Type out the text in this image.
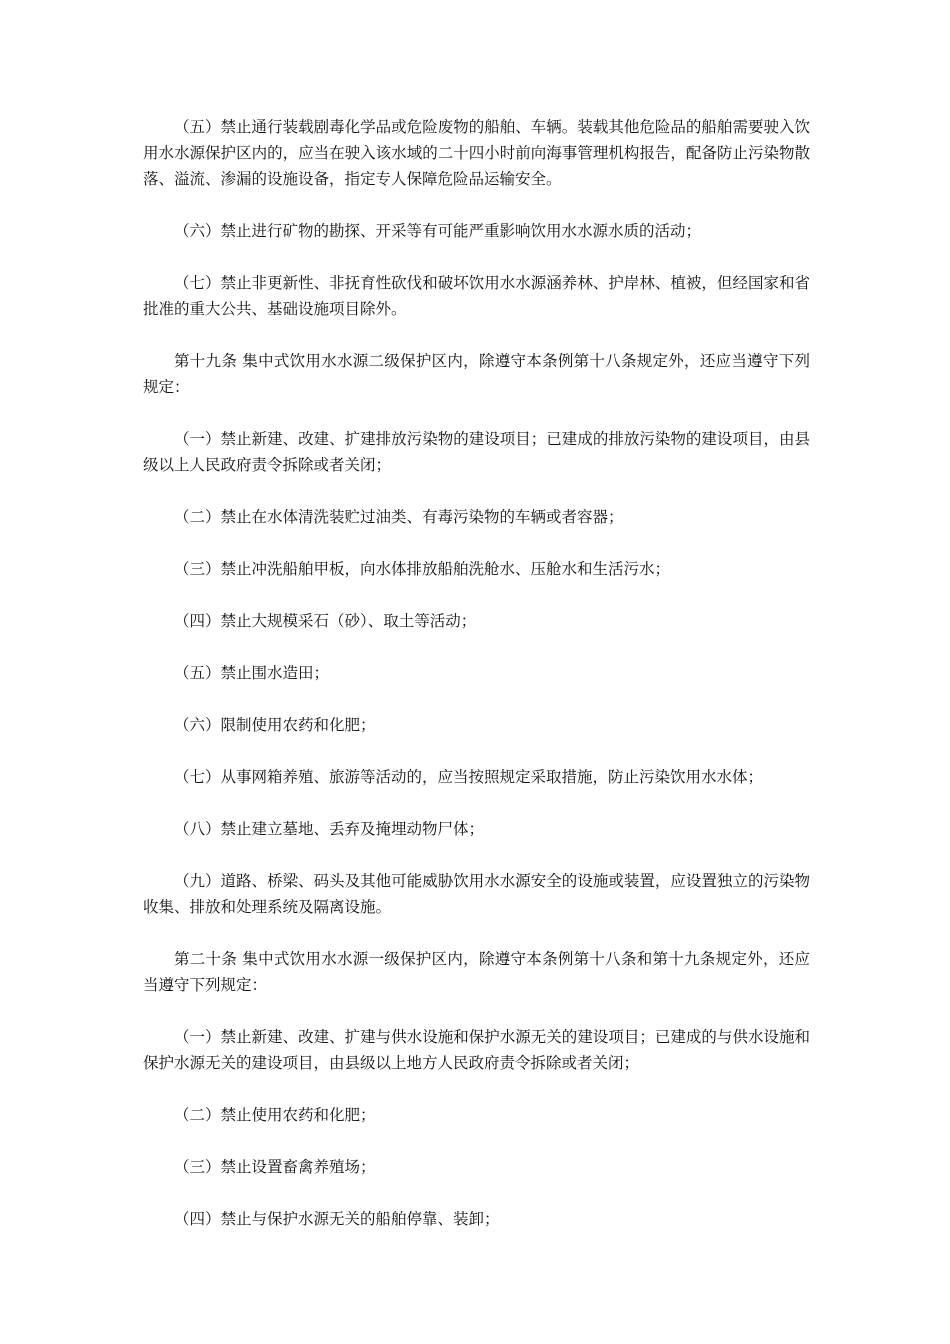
（五）禁止通行装载剧毒化学品或危险废物的船舶、车辆。装载其他危险品的船舶需要驶入饮用水水源保护区内的，应当在驶入该水域的二十四小时前向海事管理机构报告，配备防止污染物散落、溢流、渗漏的设施设备，指定专人保障危险品运输安全。

（六）禁止进行矿物的勘探、开采等有可能严重影响饮用水水源水质的活动；

（七）禁止非更新性、非抚育性砍伐和破坏饮用水水源涵养林、护岸林、植被，但经国家和省批准的重大公共、基础设施项目除外。

第十九条 集中式饮用水水源二级保护区内，除遵守本条例第十八条规定外，还应当遵守下列规定：

（一）禁止新建、改建、扩建排放污染物的建设项目；已建成的排放污染物的建设项目，由县级以上人民政府责令拆除或者关闭；

（二）禁止在水体清洗装贮过油类、有毒污染物的车辆或者容器；

（三）禁止冲洗船舶甲板，向水体排放船舶洗舱水、压舱水和生活污水；

（四）禁止大规模采石（砂）、取土等活动；

（五）禁止围水造田；

（六）限制使用农药和化肥；

（七）从事网箱养殖、旅游等活动的，应当按照规定采取措施，防止污染饮用水水体；

（八）禁止建立墓地、丢弃及掩埋动物尸体；

（九）道路、桥梁、码头及其他可能威胁饮用水水源安全的设施或装置，应设置独立的污染物收集、排放和处理系统及隔离设施。

第二十条 集中式饮用水水源一级保护区内，除遵守本条例第十八条和第十九条规定外，还应当遵守下列规定：

（一）禁止新建、改建、扩建与供水设施和保护水源无关的建设项目；已建成的与供水设施和保护水源无关的建设项目，由县级以上地方人民政府责令拆除或者关闭；

（二）禁止使用农药和化肥；

（三）禁止设置畜禽养殖场；

（四）禁止与保护水源无关的船舶停靠、装卸；
